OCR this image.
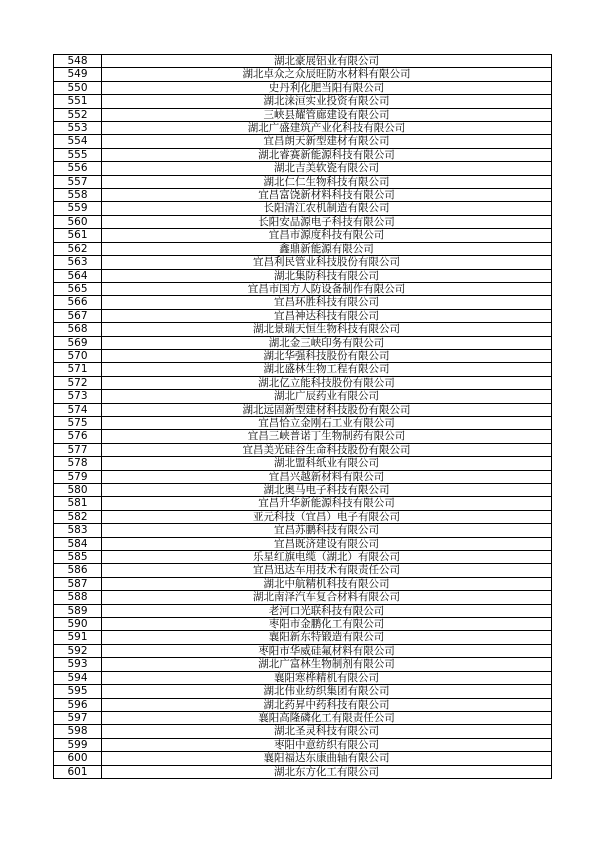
548	湖北豪展铝业有限公司
549	湖北卓众之众辰旺防水材料有限公司
550	史丹利化肥当阳有限公司
551	湖北涞洹实业投资有限公司
552	三峡县耀管廊建设有限公司
553	湖北广盛建筑产业化科技有限公司
554	宜昌朗天新型建材有限公司
555	湖北睿赛新能源科技有限公司
556	湖北吉美软瓷有限公司
557	湖北仁仁生物科技有限公司
558	宜昌富饶新材料科技有限公司
559	长阳清江农机制造有限公司
560	长阳安品源电子科技有限公司
561	宜昌市源度科技有限公司
562	鑫鼎新能源有限公司
563	宜昌利民管业科技股份有限公司
564	湖北集防科技有限公司
565	宜昌市国方人防设备制作有限公司
566	宜昌环胜科技有限公司
567	宜昌神达科技有限公司
568	湖北景瑞天恒生物科技有限公司
569	湖北金三峡印务有限公司
570	湖北华强科技股份有限公司
571	湖北盛林生物工程有限公司
572	湖北亿立能科技股份有限公司
573	湖北广辰药业有限公司
574	湖北远固新型建材科技股份有限公司
575	宜昌恰立金刚石工业有限公司
576	宜昌三峡普诺丁生物制药有限公司
577	宜昌美光硅谷生命科技股份有限公司
578	湖北盟科纸业有限公司
579	宜昌兴越新材料有限公司
580	湖北奥马电子科技有限公司
581	宜昌升华新能源科技有限公司
582	亚元科技（宜昌）电子有限公司
583	宜昌苏鹏科技有限公司
584	宜昌既济建设有限公司
585	乐星红旗电缆（湖北）有限公司
586	宜昌迅达车用技术有限责任公司
587	湖北中航精机科技有限公司
588	湖北南泽汽车复合材料有限公司
589	老河口光联科技有限公司
590	枣阳市金鹏化工有限公司
591	襄阳新东特锻造有限公司
592	枣阳市华威硅氟材料有限公司
593	湖北广富林生物制剂有限公司
594	襄阳寒桦精机有限公司
595	湖北伟业纺织集团有限公司
596	湖北药昇中药科技有限公司
597	襄阳高隆磷化工有限责任公司
598	湖北圣灵科技有限公司
599	枣阳中意纺织有限公司
600	襄阳福达东康曲轴有限公司
601	湖北东方化工有限公司
